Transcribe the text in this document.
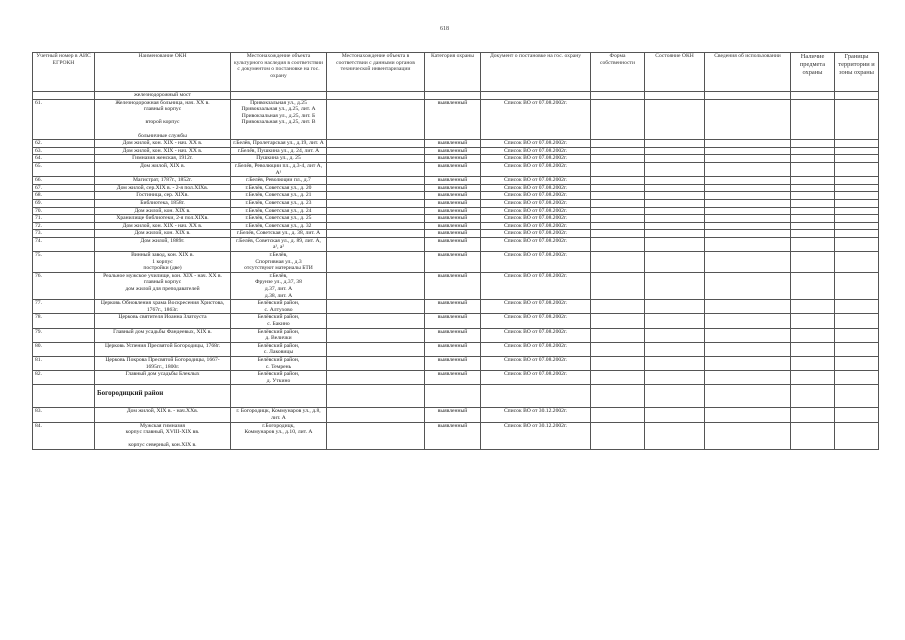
618
Учетный номер в АИС ЕГРОКН	Наименование ОКН	Местонахождение объекта культурного наследия в соответствии с документом о постановке на гос. охрану	Местонахождение объекта в соответствии с данными органов технической инвентаризации	Категория охраны	Документ о постановке на гос. охрану	Форма собственности	Состояние ОКН	Сведения об использовании	Наличие предмета охраны	Границы территории и зоны охраны

	железнодорожный мост									

61.	Железнодорожная больница, нач. ХХ в.
главный корпус

второй корпус

больничные службы	Привокзальная ул., д.25
Привокзальная ул., д.25, лит. А
Привокзальная ул., д.25, лит. Б
Привокзальная ул., д.25, лит. В		выявленный	Список ВО от 07.08.2002г.					

62.	Дом жилой, кон. XIX - нач. ХХ в.	г.Белёв, Пролетарская ул., д.19, лит. А		выявленный	Список ВО от 07.08.2002г.					

63.	Дом жилой, кон. XIX - нач. ХХ в.	г.Белёв, Пушкина ул., д. 24, лит. А		выявленный	Список ВО от 07.08.2002г.					

64.	Гимназия женская, 1912г.	Пушкина ул., д. 25		выявленный	Список ВО от 07.08.2002г.					

65.	Дом жилой, XIX в.	г.Белёв, Революции пл., д.3-4, лит А, А¹		выявленный	Список ВО от 07.08.2002г.					

66.	Магистрат, 1787г., 1852г.	г.Белёв, Революции пл., д.7		выявленный	Список ВО от 07.08.2002г.					

67.	Дом жилой, сер.XIX в. - 2-я пол.XIXв.	г.Белёв, Советская ул., д. 20		выявленный	Список ВО от 07.08.2002г.					

68.	Гостиница, сер. XIXв.	г.Белёв, Советская ул., д. 21		выявленный	Список ВО от 07.08.2002г.					

69.	Библиотека, 1858г.	г.Белёв, Советская ул., д. 23		выявленный	Список ВО от 07.08.2002г.					

70.	Дом жилой, кон. XIX в.	г.Белёв, Советская ул., д. 24		выявленный	Список ВО от 07.08.2002г.					

71.	Хранилище библиотеки, 2-я пол.XIXв.	г.Белёв, Советская ул., д. 25		выявленный	Список ВО от 07.08.2002г.					

72.	Дом жилой, кон. XIX - нач. ХХ в.	г.Белёв, Советская ул., д. 32		выявленный	Список ВО от 07.08.2002г.					

73.	Дом жилой, кон. XIX в.	г.Белёв, Советская ул., д. 38, лит. А		выявленный	Список ВО от 07.08.2002г.					

74.	Дом жилой, 1889г.	г.Белёв, Советская ул., д. 89, лит. А, а¹, а²		выявленный	Список ВО от 07.08.2002г.					

75.	Винный завод, кон. XIX в.
1 корпус
постройки (две)	г.Белёв,
Спортивная ул., д.3
отсутствуют материалы БТИ		выявленный	Список ВО от 07.08.2002г.					

76.	Реальное мужское училище, кон. XIX - нач. ХХ в.
главный корпус
дом жилой для преподавателей	г.Белёв,
Фрунзе ул., д.37, 38
д.37, лит. А
д.38, лит. А		выявленный	Список ВО от 07.08.2002г.					

77.	Церковь Обновления храма Воскресения Христова, 1767г., 1863г.	Белёвский район,
с. Алтухово		выявленный	Список ВО от 07.08.2002г.					

78.	Церковь святителя Иоанна Златоуста	Белёвский район,
с. Бакино		выявленный	Список ВО от 07.08.2002г.					

79.	Главный дом усадьбы Фандеевых, XIX в.	Белёвский район,
д. Велички		выявленный	Список ВО от 07.08.2002г.					

80.	Церковь Успения Пресвятой Богородицы, 1768г.	Белёвский район,
с. Лаковицы		выявленный	Список ВО от 07.08.2002г.					

81.	Церковь Покрова Пресвятой Богородицы, 1667-1695гг., 1800г.	Белёвский район,
с. Темрень		выявленный	Список ВО от 07.08.2002г.					

82.	Главный дом усадьбы Блеклых	Белёвский район,
д. Уткино		выявленный	Список ВО от 07.08.2002г.					

	Богородицкий район									

83.	Дом жилой, XIX в. - нач.ХХв.	г. Богородицк, Коммунаров ул., д.8, лит. А		выявленный	Список ВО от 30.12.2002г.					

84.	Мужская гимназия
корпус главный, XVIII-XIX вв.

корпус северный, кон.XIX в.	г.Богородицк,
Коммунаров ул., д.10, лит. А		выявленный	Список ВО от 30.12.2002г.					
